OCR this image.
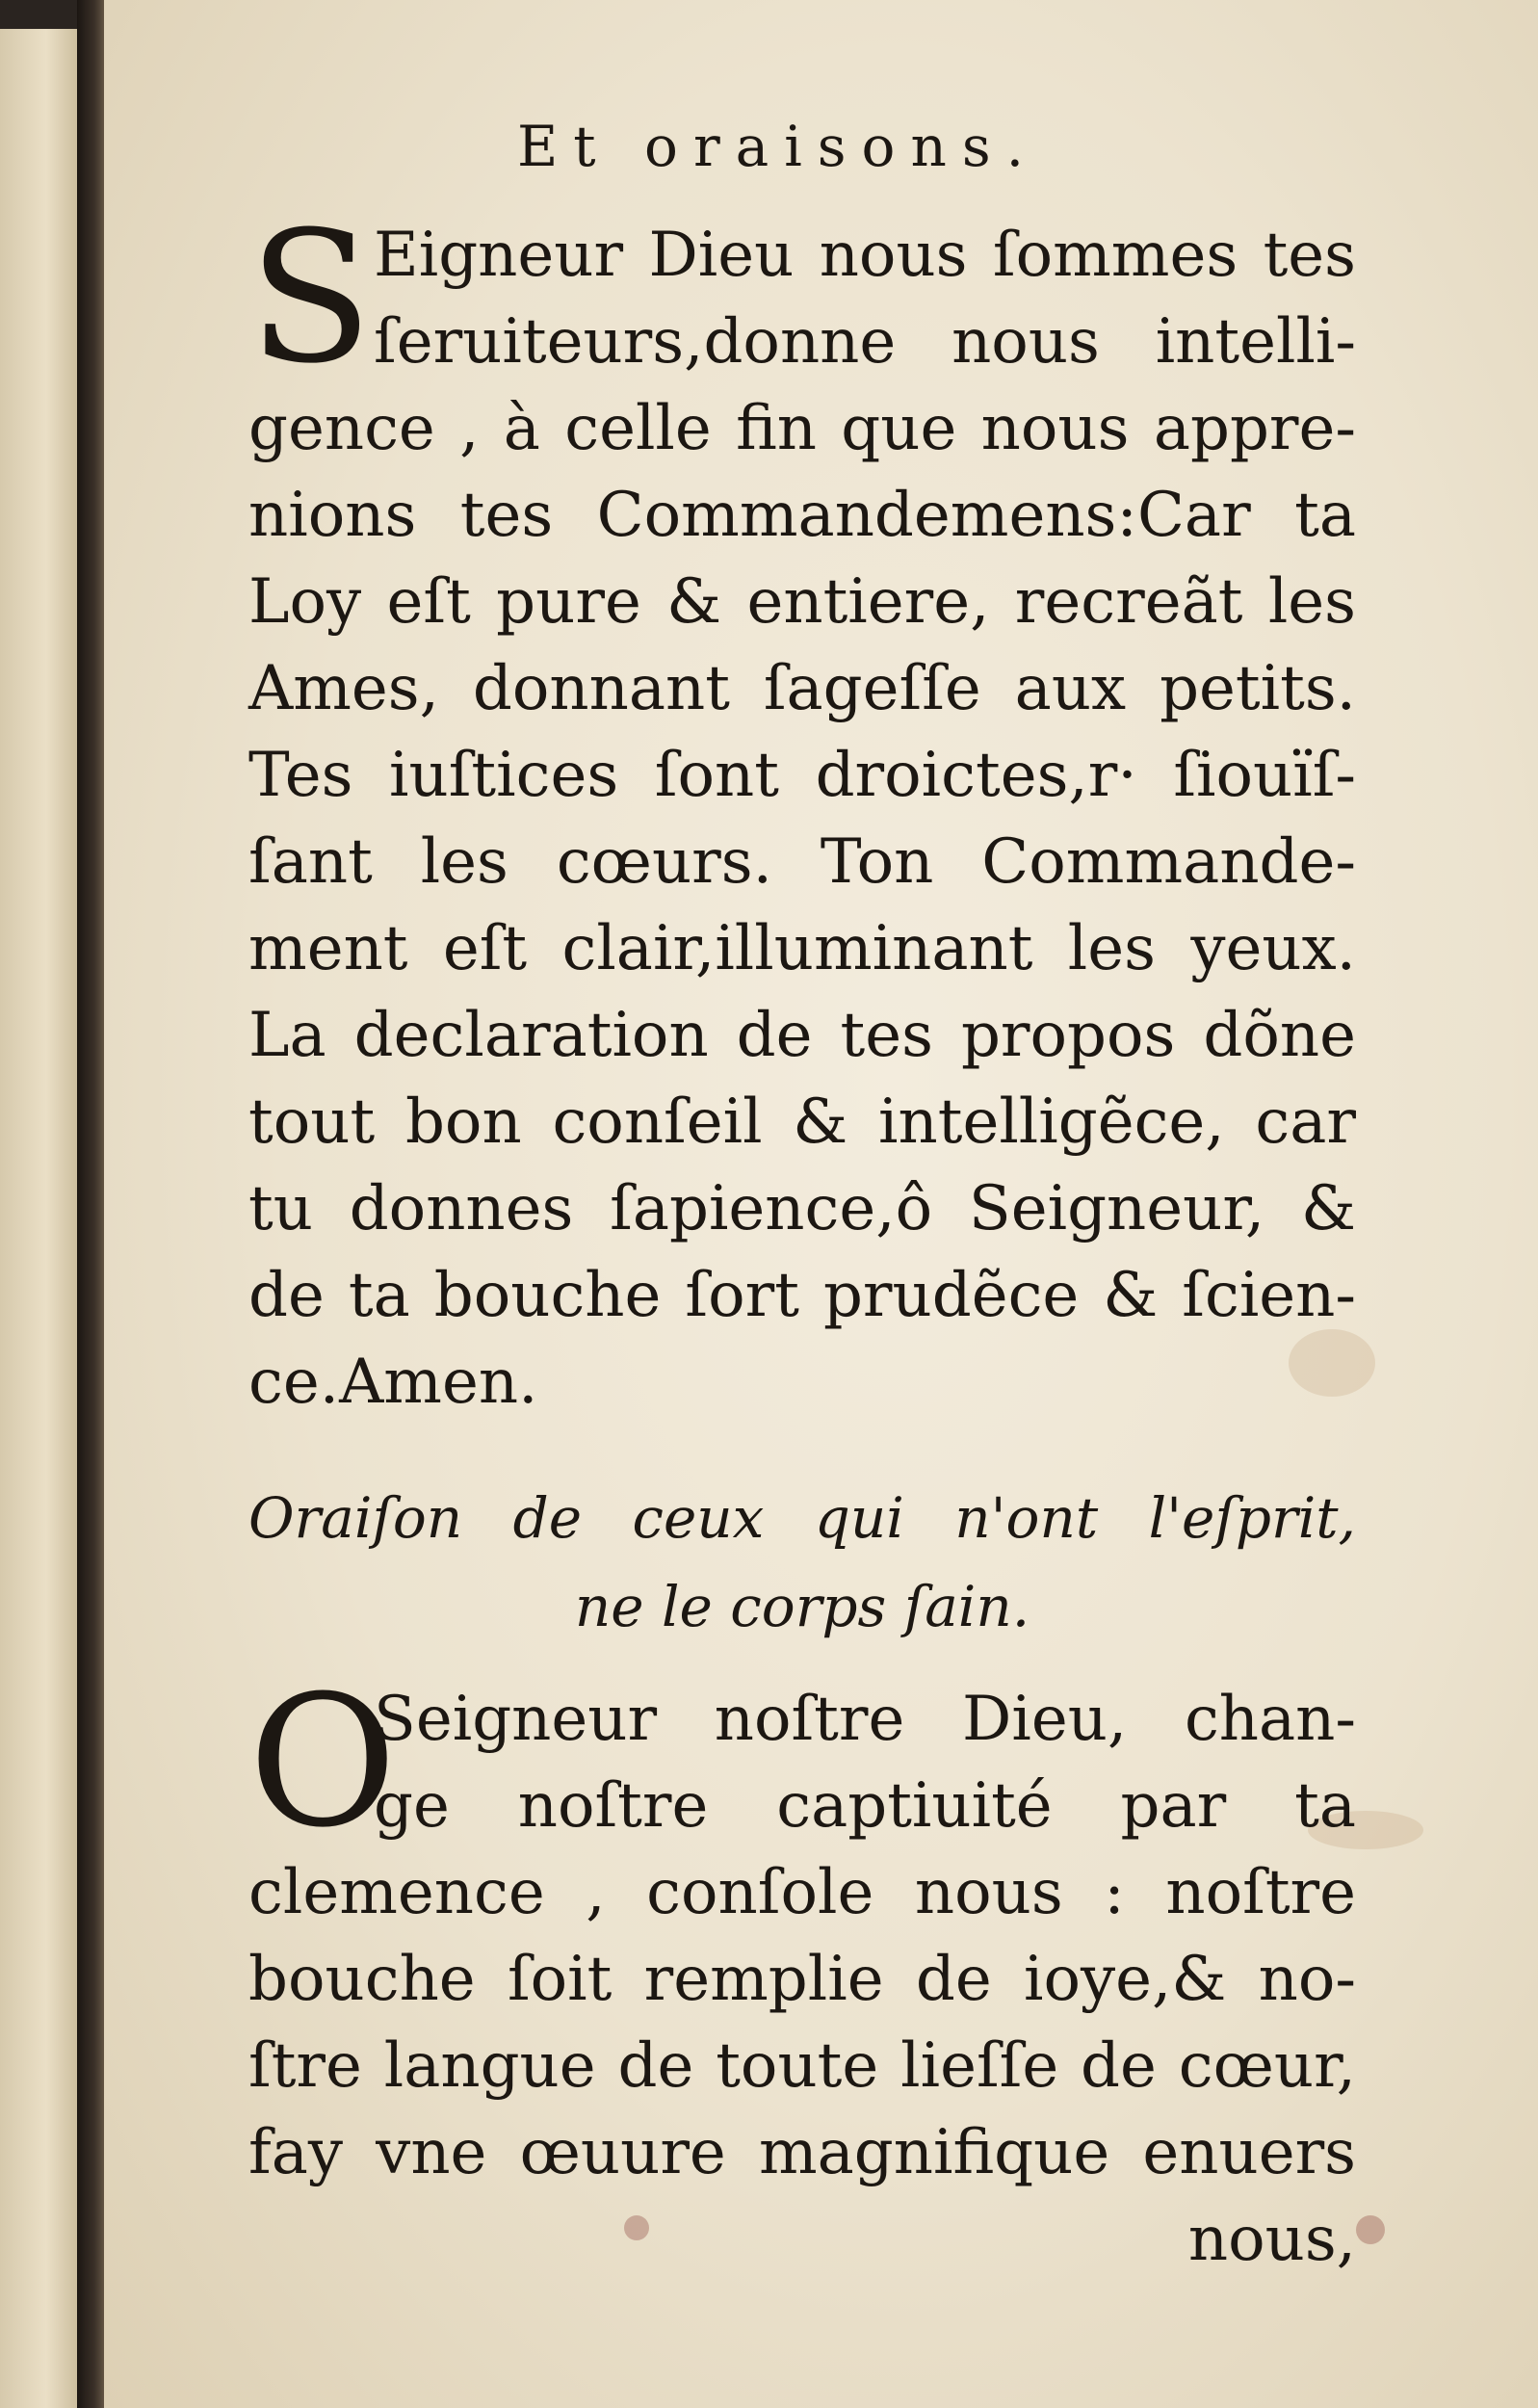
Et oraisons.
S Eigneur Dieu nous ſommes tes
ſeruiteurs,donne nous intelli-
gence , à celle fin que nous appre-
nions tes Commandemens:Car ta
Loy eſt pure & entiere, recreãt les
Ames, donnant ſageſſe aux petits.
Tes iuſtices ſont droictes,r· ſiouïſ-
ſant les cœurs. Ton Commande-
ment eſt clair,illuminant les yeux.
La declaration de tes propos dõne
tout bon conſeil & intelligẽce, car
tu donnes ſapience,ô Seigneur, &
de ta bouche ſort prudẽce & ſcien-
ce.Amen.
Oraiſon de ceux qui n'ont l'eſprit,
ne le corps ſain.
O
Seigneur noſtre Dieu, chan-
ge noſtre captiuité par ta
clemence , conſole nous : noſtre
bouche ſoit remplie de ioye,& no-
ſtre langue de toute lieſſe de cœur,
fay vne œuure magnifique enuers
nous,
